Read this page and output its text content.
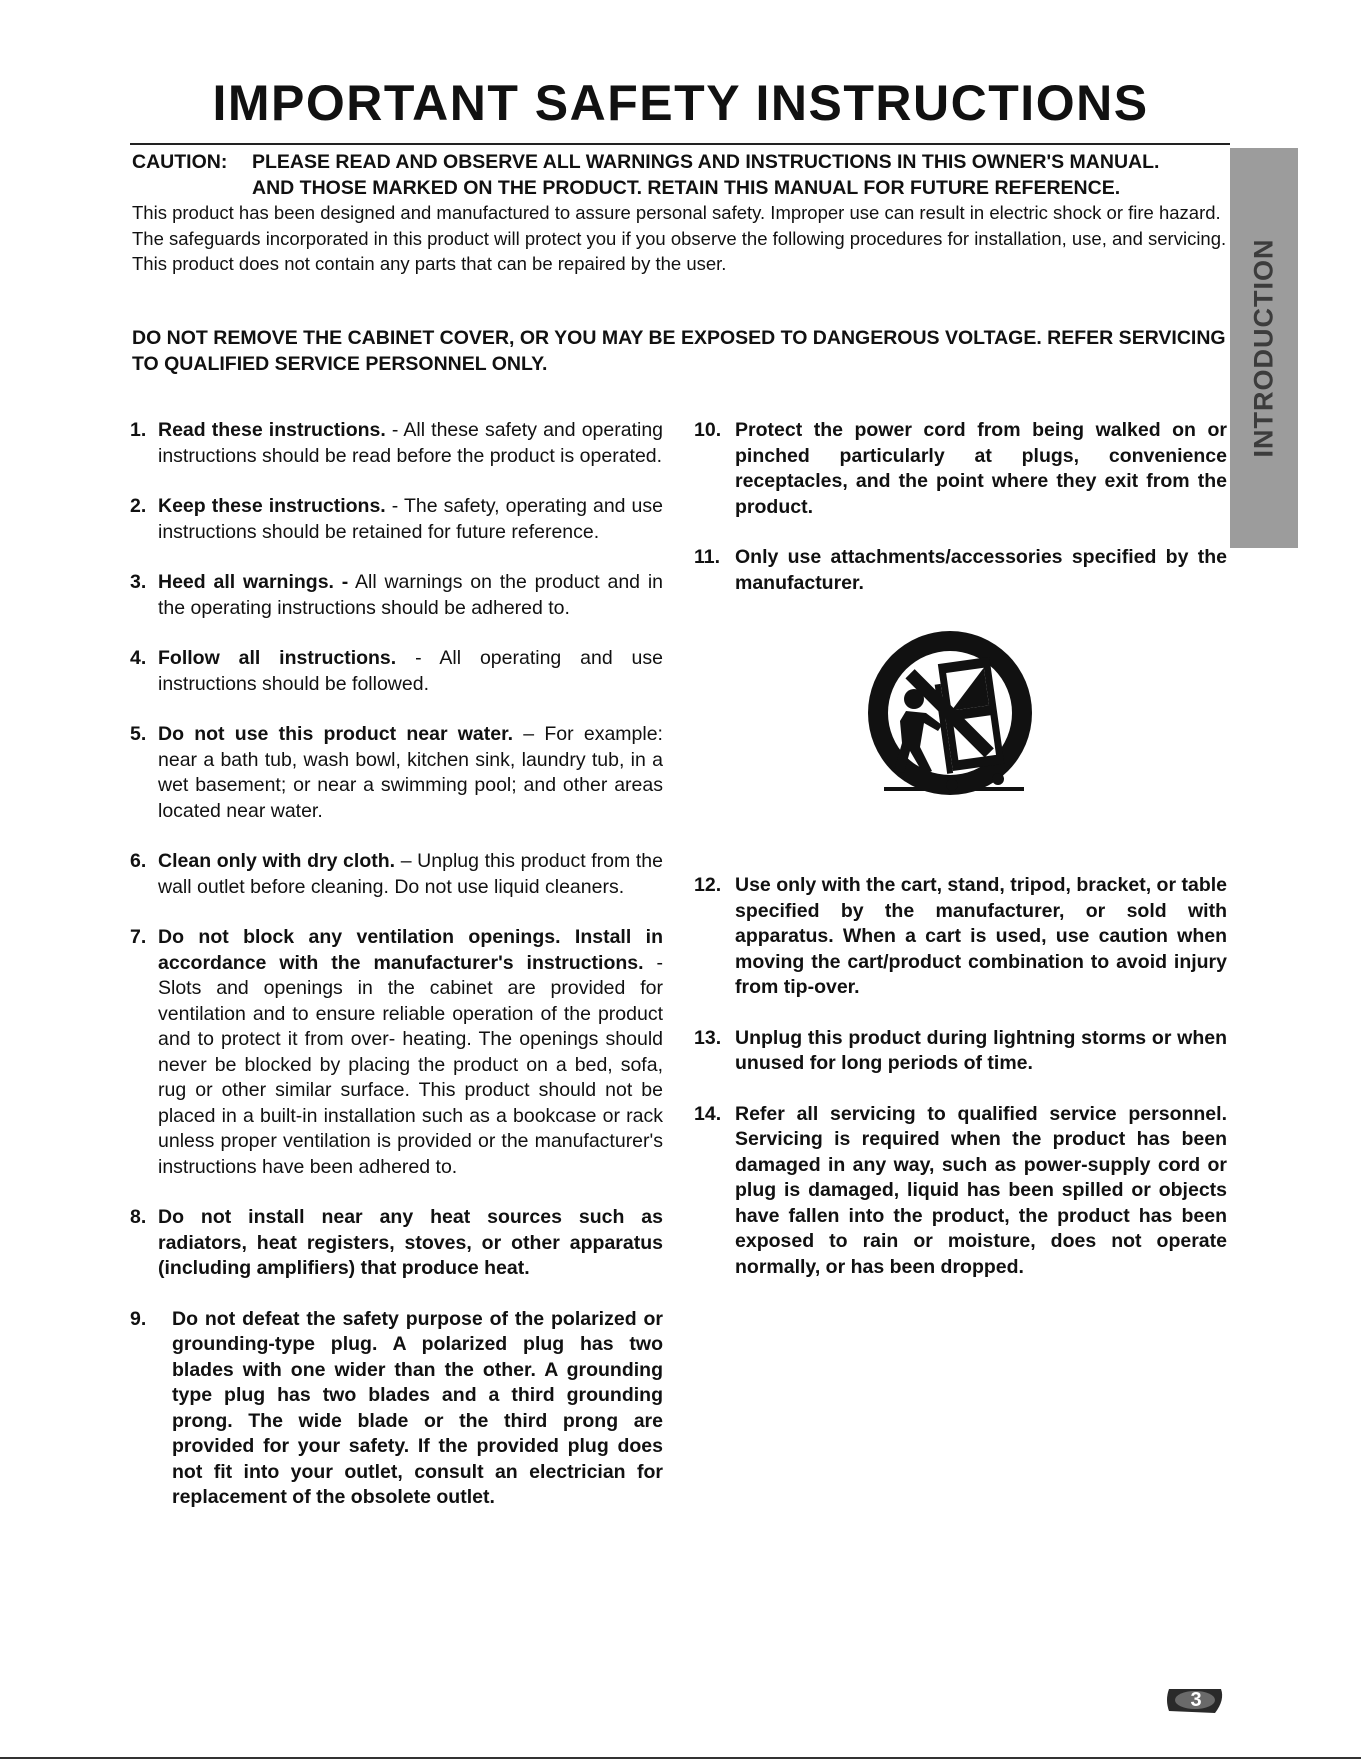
IMPORTANT SAFETY INSTRUCTIONS
CAUTION: PLEASE READ AND OBSERVE ALL WARNINGS AND INSTRUCTIONS IN THIS OWNER'S MANUAL.
AND THOSE MARKED ON THE PRODUCT. RETAIN THIS MANUAL FOR FUTURE REFERENCE.

This product has been designed and manufactured to assure personal safety. Improper use can result in electric shock or fire hazard. The safeguards incorporated in this product will protect you if you observe the following procedures for installation, use, and servicing.

This product does not contain any parts that can be repaired by the user.

DO NOT REMOVE THE CABINET COVER, OR YOU MAY BE EXPOSED TO DANGEROUS VOLTAGE. REFER SERVICING TO QUALIFIED SERVICE PERSONNEL ONLY.	INTRODUCTION
1. Read these instructions. - All these safety and operating instructions should be read before the product is operated.
2. Keep these instructions. - The safety, operating and use instructions should be retained for future reference.
3. Heed all warnings. - All warnings on the product and in the operating instructions should be adhered to.
4. Follow all instructions. - All operating and use instructions should be followed.
5. Do not use this product near water. – For example: near a bath tub, wash bowl, kitchen sink, laundry tub, in a wet basement; or near a swimming pool; and other areas located near water.
6. Clean only with dry cloth. – Unplug this product from the wall outlet before cleaning. Do not use liquid cleaners.
7. Do not block any ventilation openings. Install in accordance with the manufacturer's instructions. - Slots and openings in the cabinet are provided for ventilation and to ensure reliable operation of the product and to protect it from over- heating. The openings should never be blocked by placing the product on a bed, sofa, rug or other similar surface. This product should not be placed in a built-in installation such as a bookcase or rack unless proper ventilation is provided or the manufacturer's instructions have been adhered to.
8. Do not install near any heat sources such as radiators, heat registers, stoves, or other apparatus (including amplifiers) that produce heat.
9. Do not defeat the safety purpose of the polarized or grounding-type plug. A polarized plug has two blades with one wider than the other. A grounding type plug has two blades and a third grounding prong. The wide blade or the third prong are provided for your safety. If the provided plug does not fit into your outlet, consult an electrician for replacement of the obsolete outlet.
10. Protect the power cord from being walked on or pinched particularly at plugs, convenience receptacles, and the point where they exit from the product.
11. Only use attachments/accessories specified by the manufacturer.
12. Use only with the cart, stand, tripod, bracket, or table specified by the manufacturer, or sold with apparatus. When a cart is used, use caution when moving the cart/product combination to avoid injury from tip-over.
13. Unplug this product during lightning storms or when unused for long periods of time.
14. Refer all servicing to qualified service personnel. Servicing is required when the product has been damaged in any way, such as power-supply cord or plug is damaged, liquid has been spilled or objects have fallen into the product, the product has been exposed to rain or moisture, does not operate normally, or has been dropped.
3
